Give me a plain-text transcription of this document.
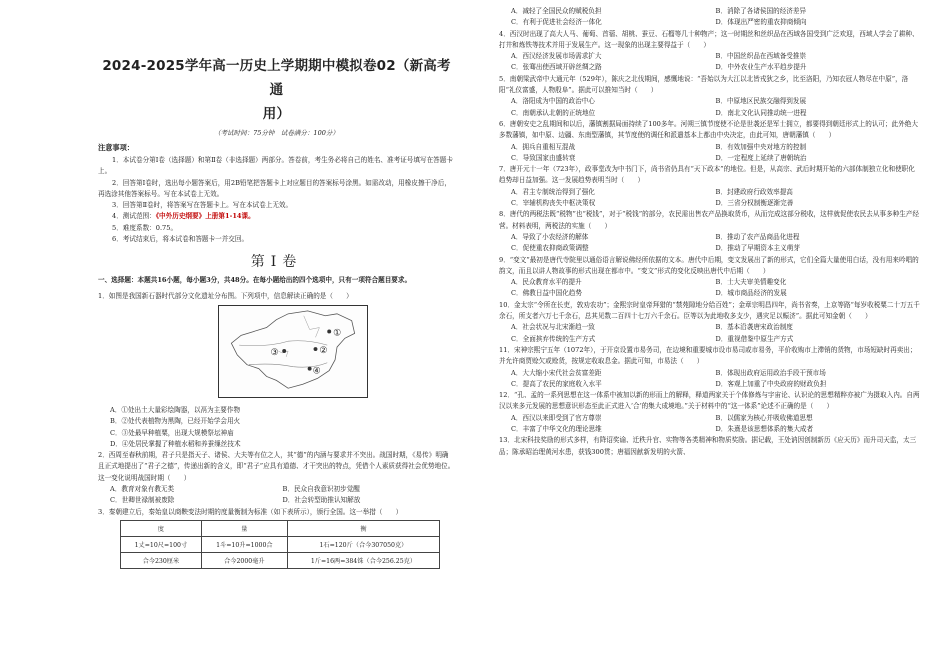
2024-2025学年高一历史上学期期中模拟卷02（新高考通
用）
（考试时间：75分钟　试卷满分：100分）
注意事项：

1．本试卷分第Ⅰ卷（选择题）和第Ⅱ卷（非选择题）两部分。答卷前，考生务必将自己的姓名、准考证号填写在答题卡上。

2．回答第Ⅰ卷时，选出每小题答案后，用2B铅笔把答题卡上对应题目的答案标号涂黑。如需改动，用橡皮擦干净后，再选涂其他答案标号。写在本试卷上无效。

3．回答第Ⅱ卷时，将答案写在答题卡上。写在本试卷上无效。

4．测试范围：《中外历史纲要》上册第1-14课。

5．难度系数：0.75。

6．考试结束后，将本试卷和答题卡一并交回。

第Ⅰ卷

一、选择题：本题共16小题，每小题3分，共48分。在每小题给出的四个选项中，只有一项符合题目要求。

1．如图是我国新石器时代部分文化遗址分布图。下列项中，信息解读正确的是（　　）

①
②
③
④

A．①处出土大量彩绘陶器，以鬲为主要作物

B．②处代表植物为黑陶，已经开始学会用火

C．③处最早种植粟，出现大规模祭坛神庙

D．④处居民掌握了种植水稻和养蚕缫丝技术

2．西周至春秋前期，君子只是指天子、诸侯、大夫等有位之人，其“德”的内涵与要求并不突出。战国时期，《易传》明确且正式地提出了“君子之德”，传递出新的含义，即“君子”应具有道德、才干突出的特点，凭借个人素质获得社会优势地位。这一变化说明战国时期（　　）

A．教育对象有教无类	B．民众自我意识初步觉醒
C．世卿世禄制被废除	D．社会转型助推认知解放

3．秦朝建立后，秦始皇以商鞅变法时期的度量衡制为标准（如下表所示），颁行全国。这一举措（　　）

度	量	衡
1丈=10尺=100寸	1斗=10升=1000合	1石=120斤（合今307050克）
合今230厘米	合今2000毫升	1斤=16两=384铢（合今256.25克）
A．减轻了全国民众的赋税负担	B．消除了各诸侯国的经济差异
C．有利于促进社会经济一体化	D．体现出严密的重农抑商倾向

4．西汉时出现了高大人马、葡萄、首蓿、胡桃、蚕豆、石榴等几十种物产；这一时期丝和丝织品在西域各国受到广泛欢迎，西域人学会了耕种、打井和炼铁等技术并用于发展生产。这一现象的出现主要得益于（　　）

A．西汉经济发展市场需求扩大	B．中国丝织品在西域备受推崇
C．张骞出使西域开辟丝绸之路	D．中外农业生产水平趋步提升

5．南朝梁武帝中大通元年（529年），陈庆之北伐期间，感慨地说：“吾始以为大江以北皆戎狄之乡，比至洛阳，乃知衣冠人物尽在中原”，洛阳“礼仪富盛，人物殷阜”。据此可以推知当时（　　）

A．洛阳成为中国的政治中心	B．中原地区民族交融得到发展
C．南朝承认北朝的正统地位	D．南北文化认同推动统一进程

6．唐朝安史之乱期间和以后，藩镇割据局面持续了100多年。河朔三镇节度使不论是世袭还是军士拥立，都要得到朝廷形式上的认可；此外绝大多数藩镇，如中原、边疆、东南型藩镇，其节度使的调任和派遣基本上都由中央决定，由此可知，唐朝藩镇（　　）

A．拥兵自重相互混战	B．有效加强中央对地方的控制
C．导致国家由盛转衰	D．一定程度上延续了唐朝统治

7．唐开元十一年（723年），政事堂改为中书门下，尚书省仍具有“天下政本”的地位。但是，从高宗、武后时期开始的六部体制独立化和使职化趋势却日益加强。这一发展趋势表明当时（　　）

A．君主专制统治得到了强化	B．封建政府行政效率提高
C．宰辅机构丧失中枢决策权	D．三省分权制衡逐渐完善

8．唐代的两税法既“税物”也“税钱”，对于“税钱”的部分，农民需出售农产品换取货币，从而完成这部分税收，这样就促使农民去从事多种生产经营。材料表明，两税法的实施（　　）

A．导致了小农经济的解体	B．推动了农产品商品化进程
C．促使重农抑商政策调整	D．推动了早期资本主义萌芽

9．“变文”最初是唐代寺院里以通俗语言解说佛经所依据的文本。唐代中后期，变文发展出了新的形式，它们全篇大量使用白话，没有用来吟唱的韵文，而且以讲人物故事的形式出现在都市中。“变文”形式的变化反映出唐代中后期（　　）

A．民众教育水平的提升	B．士大夫审美情趣变化
C．佛教日益中国化趋势	D．城市商品经济的发展

10．金太宗“令所在长吏，敦劝农功”；金熙宗时皇帝拜猎的“禁苑隙地分给百姓”；金章宗明昌四年，尚书省奏，上京等路“每岁收税粟二十万五千余石，所支者六万七千余石，总其见数二百四十七万六千余石。臣等以为此地收多支少，遇灾足以赈济”。据此可知金朝（　　）

A．社会状况与北宋渐趋一致	B．基本沿袭唐宋政治制度
C．全面摈弃传统的生产方式	D．重视借鉴中原生产方式

11．宋神宗熙宁五年（1072年），于开京设置市易务司，在边境和重要城市设市易司或市易务，平价收购市上滞销的货物，市场短缺时再卖出；并允许商贾赊欠或赊货，按规定收取息金。据此可知，市易法（　　）

A．大大缩小宋代社会贫富差距	B．体现出政府运用政治手段干预市场
C．提高了农民的家庭收入水平	D．客观上加重了中央政府的财政负担

12．“孔、孟的一系列思想在这一体系中被加以新的形而上的解释，释道两家关于个体修炼与宇宙论、认识论的思想精粹亦被广为摄取入内。自两汉以来多元发展的思想意识形态至此正式进入‘合’的集大成境地。”关于材料中的“这一体系”论述不正确的是（　　）

A．西汉以来即受到了官方尊崇	B．以儒家为核心并吸收佛道思想
C．丰富了中华文化的理论思维	D．朱熹是该思想体系的集大成者

13．北宋科技奖励的形式多样，有降诏奖谕、迁秩升官、实物等各类精神和物质奖励。据记载，王处讷因创制新历《应天历》而升司天监，太三品；陈承昭治理黄河水患，获钱300贯；唐福因献新发明的火箭、
